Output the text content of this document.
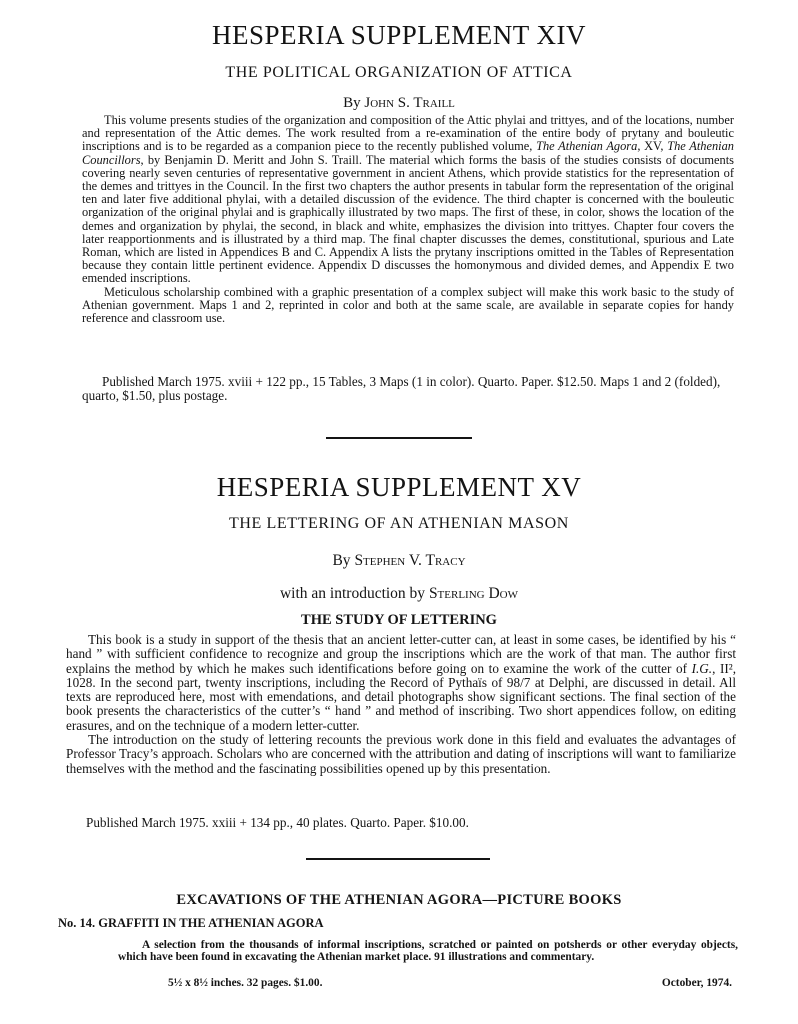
HESPERIA SUPPLEMENT XIV
THE POLITICAL ORGANIZATION OF ATTICA
By John S. Traill

This volume presents studies of the organization and composition of the Attic phylai and trittyes, and of the locations, number and representation of the Attic demes. The work resulted from a re-examination of the entire body of prytany and bouleutic inscriptions and is to be regarded as a companion piece to the recently published volume, The Athenian Agora, XV, The Athenian Councillors, by Benjamin D. Meritt and John S. Traill. The material which forms the basis of the studies consists of documents covering nearly seven centuries of representative government in ancient Athens, which provide statistics for the representation of the demes and trittyes in the Council. In the first two chapters the author presents in tabular form the representation of the original ten and later five additional phylai, with a detailed discussion of the evidence. The third chapter is concerned with the bouleutic organization of the original phylai and is graphically illustrated by two maps. The first of these, in color, shows the location of the demes and organization by phylai, the second, in black and white, emphasizes the division into trittyes. Chapter four covers the later reapportionments and is illustrated by a third map. The final chapter discusses the demes, constitutional, spurious and Late Roman, which are listed in Appendices B and C. Appendix A lists the prytany inscriptions omitted in the Tables of Representation because they contain little pertinent evidence. Appendix D discusses the homonymous and divided demes, and Appendix E two emended inscriptions.

Meticulous scholarship combined with a graphic presentation of a complex subject will make this work basic to the study of Athenian government. Maps 1 and 2, reprinted in color and both at the same scale, are available in separate copies for handy reference and classroom use.

Published March 1975. xviii + 122 pp., 15 Tables, 3 Maps (1 in color). Quarto. Paper. $12.50. Maps 1 and 2 (folded), quarto, $1.50, plus postage.

HESPERIA SUPPLEMENT XV
THE LETTERING OF AN ATHENIAN MASON
By Stephen V. Tracy
with an introduction by Sterling Dow
THE STUDY OF LETTERING

This book is a study in support of the thesis that an ancient letter-cutter can, at least in some cases, be identified by his “ hand ” with sufficient confidence to recognize and group the inscriptions which are the work of that man. The author first explains the method by which he makes such identifications before going on to examine the work of the cutter of I.G., II², 1028. In the second part, twenty inscriptions, including the Record of Pythaïs of 98/7 at Delphi, are discussed in detail. All texts are reproduced here, most with emendations, and detail photographs show significant sections. The final section of the book presents the characteristics of the cutter’s “ hand ” and method of inscribing. Two short appendices follow, on editing erasures, and on the technique of a modern letter-cutter.

The introduction on the study of lettering recounts the previous work done in this field and evaluates the advantages of Professor Tracy’s approach. Scholars who are concerned with the attribution and dating of inscriptions will want to familiarize themselves with the method and the fascinating possibilities opened up by this presentation.

Published March 1975. xxiii + 134 pp., 40 plates. Quarto. Paper. $10.00.

EXCAVATIONS OF THE ATHENIAN AGORA—PICTURE BOOKS
No. 14. GRAFFITI IN THE ATHENIAN AGORA
A selection from the thousands of informal inscriptions, scratched or painted on potsherds or other everyday objects, which have been found in excavating the Athenian market place. 91 illustrations and commentary.
5½ x 8½ inches. 32 pages. $1.00.	October, 1974.
